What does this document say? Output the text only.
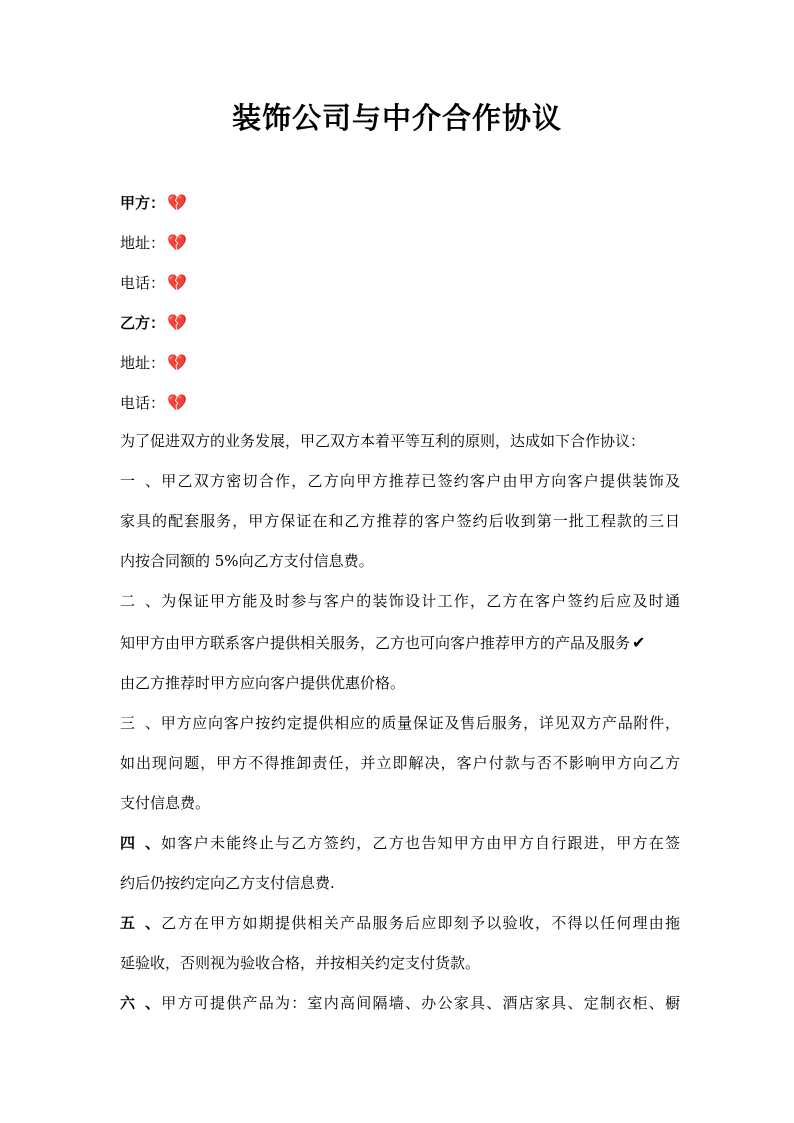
装饰公司与中介合作协议
甲方： 💔
地址： 💔
电话： 💔
乙方： 💔
地址： 💔
电话： 💔
为了促进双方的业务发展，甲乙双方本着平等互利的原则，达成如下合作协议：
一、甲乙双方密切合作，乙方向甲方推荐已签约客户由甲方向客户提供装饰及
家具的配套服务，甲方保证在和乙方推荐的客户签约后收到第一批工程款的三日
内按合同额的 5%向乙方支付信息费。
二、为保证甲方能及时参与客户的装饰设计工作，乙方在客户签约后应及时通
知甲方由甲方联系客户提供相关服务，乙方也可向客户推荐甲方的产品及服务 ✔
由乙方推荐时甲方应向客户提供优惠价格。
三、甲方应向客户按约定提供相应的质量保证及售后服务，详见双方产品附件，
如出现问题，甲方不得推卸责任，并立即解决，客户付款与否不影响甲方向乙方
支付信息费。
四、如客户未能终止与乙方签约，乙方也告知甲方由甲方自行跟进，甲方在签
约后仍按约定向乙方支付信息费.
五、乙方在甲方如期提供相关产品服务后应即刻予以验收，不得以任何理由拖
延验收，否则视为验收合格，并按相关约定支付货款。
六、甲方可提供产品为：室内高间隔墙、办公家具、酒店家具、定制衣柜、橱
